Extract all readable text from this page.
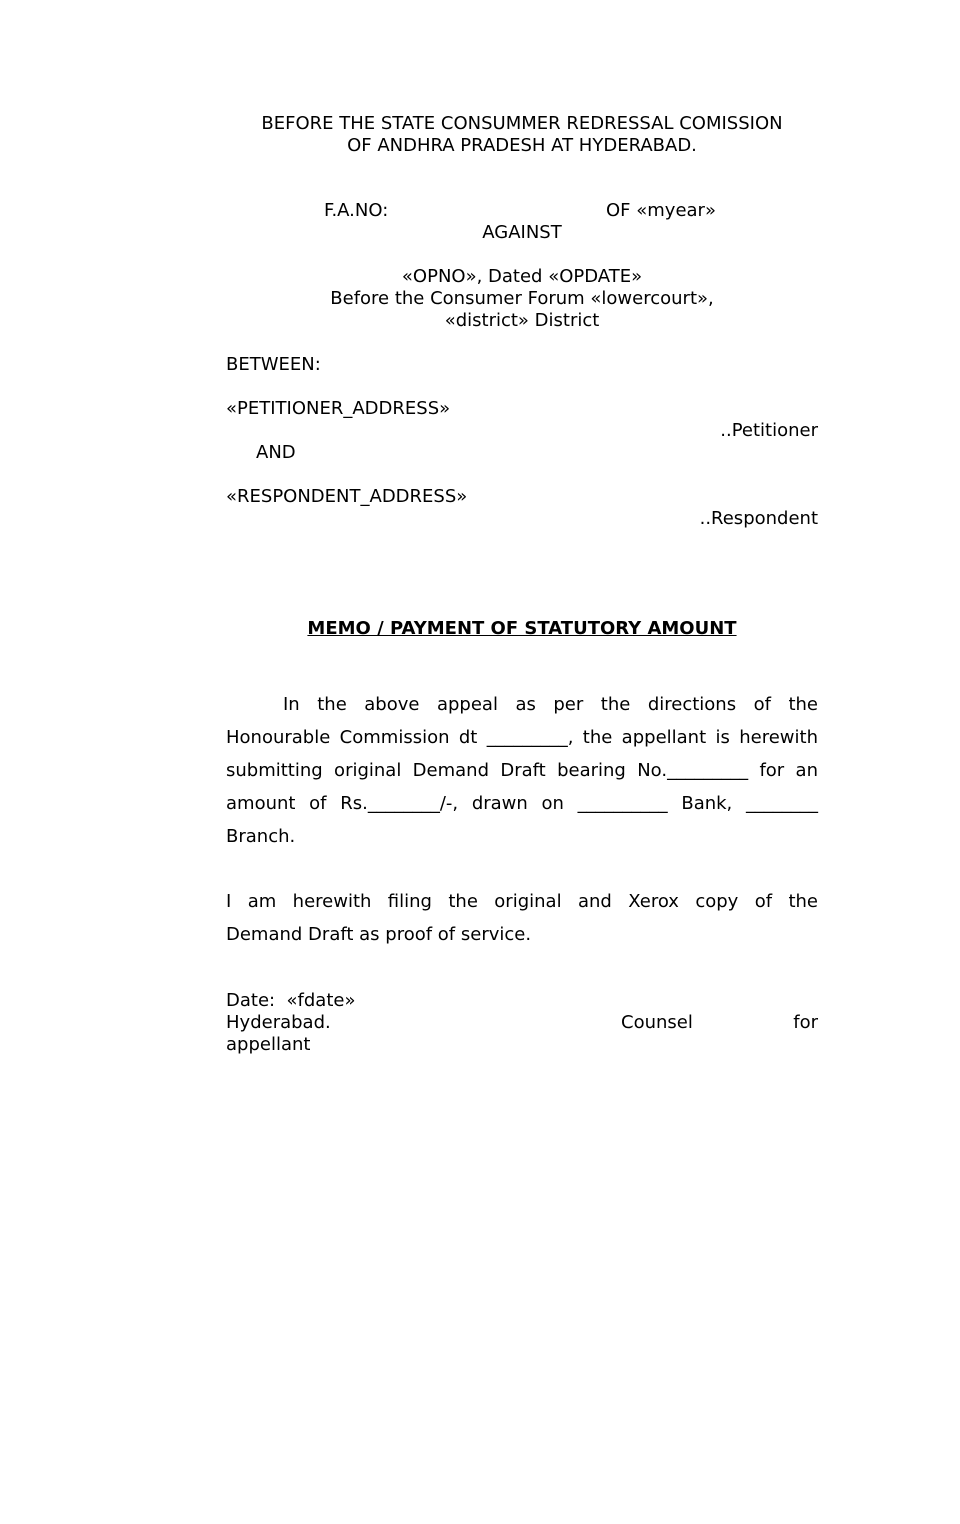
BEFORE THE STATE CONSUMMER REDRESSAL COMISSION
OF ANDHRA PRADESH AT HYDERABAD.
F.A.NO:	OF «myear»
AGAINST
«OPNO», Dated «OPDATE»
Before the Consumer Forum «lowercourt»,
«district» District
BETWEEN:
«PETITIONER_ADDRESS»
..Petitioner
AND
«RESPONDENT_ADDRESS»
..Respondent
MEMO / PAYMENT OF STATUTORY AMOUNT
In the above appeal as per the directions of the
Honourable Commission dt _________, the appellant is herewith
submitting original Demand Draft bearing No._________ for an
amount of Rs.________/-, drawn on __________ Bank, ________
Branch.
I am herewith filing the original and Xerox copy of the
Demand Draft as proof of service.
Date:  «fdate»
Hyderabad.	Counsel	for
appellant
